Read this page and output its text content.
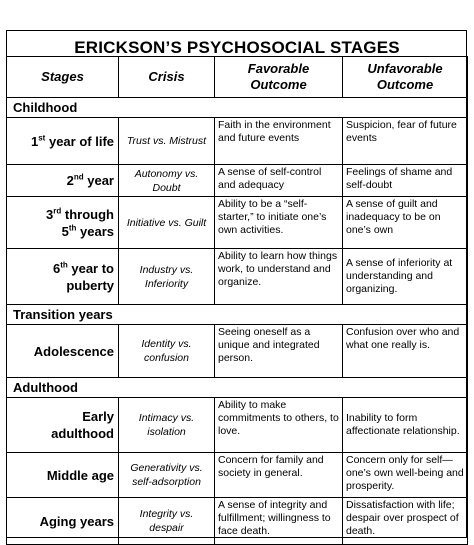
ERICKSON’S PSYCHOSOCIAL STAGES
Stages	Crisis	Favorable Outcome	Unfavorable Outcome
Childhood			
1st year of life	Trust vs. Mistrust	Faith in the environment and future events	Suspicion, fear of future events
2nd year	Autonomy vs. Doubt	A sense of self-control and adequacy	Feelings of shame and self-doubt
3rd through
5th years	Initiative vs. Guilt	Ability to be a “self-starter,” to initiate one’s own activities.	A sense of guilt and inadequacy to be on one’s own
6th year to
puberty	Industry vs. Inferiority	Ability to learn how things work, to understand and organize.	A sense of inferiority at understanding and organizing.
Transition years			
Adolescence	Identity vs. confusion	Seeing oneself as a unique and integrated person.	Confusion over who and what one really is.
Adulthood			
Early
adulthood	Intimacy vs. isolation	Ability to make commitments to others, to love.	Inability to form affectionate relationship.
Middle age	Generativity vs. self-adsorption	Concern for family and society in general.	Concern only for self—one’s own well-being and prosperity.
Aging years	Integrity vs. despair	A sense of integrity and fulfillment; willingness to face death.	Dissatisfaction with life; despair over prospect of death.
